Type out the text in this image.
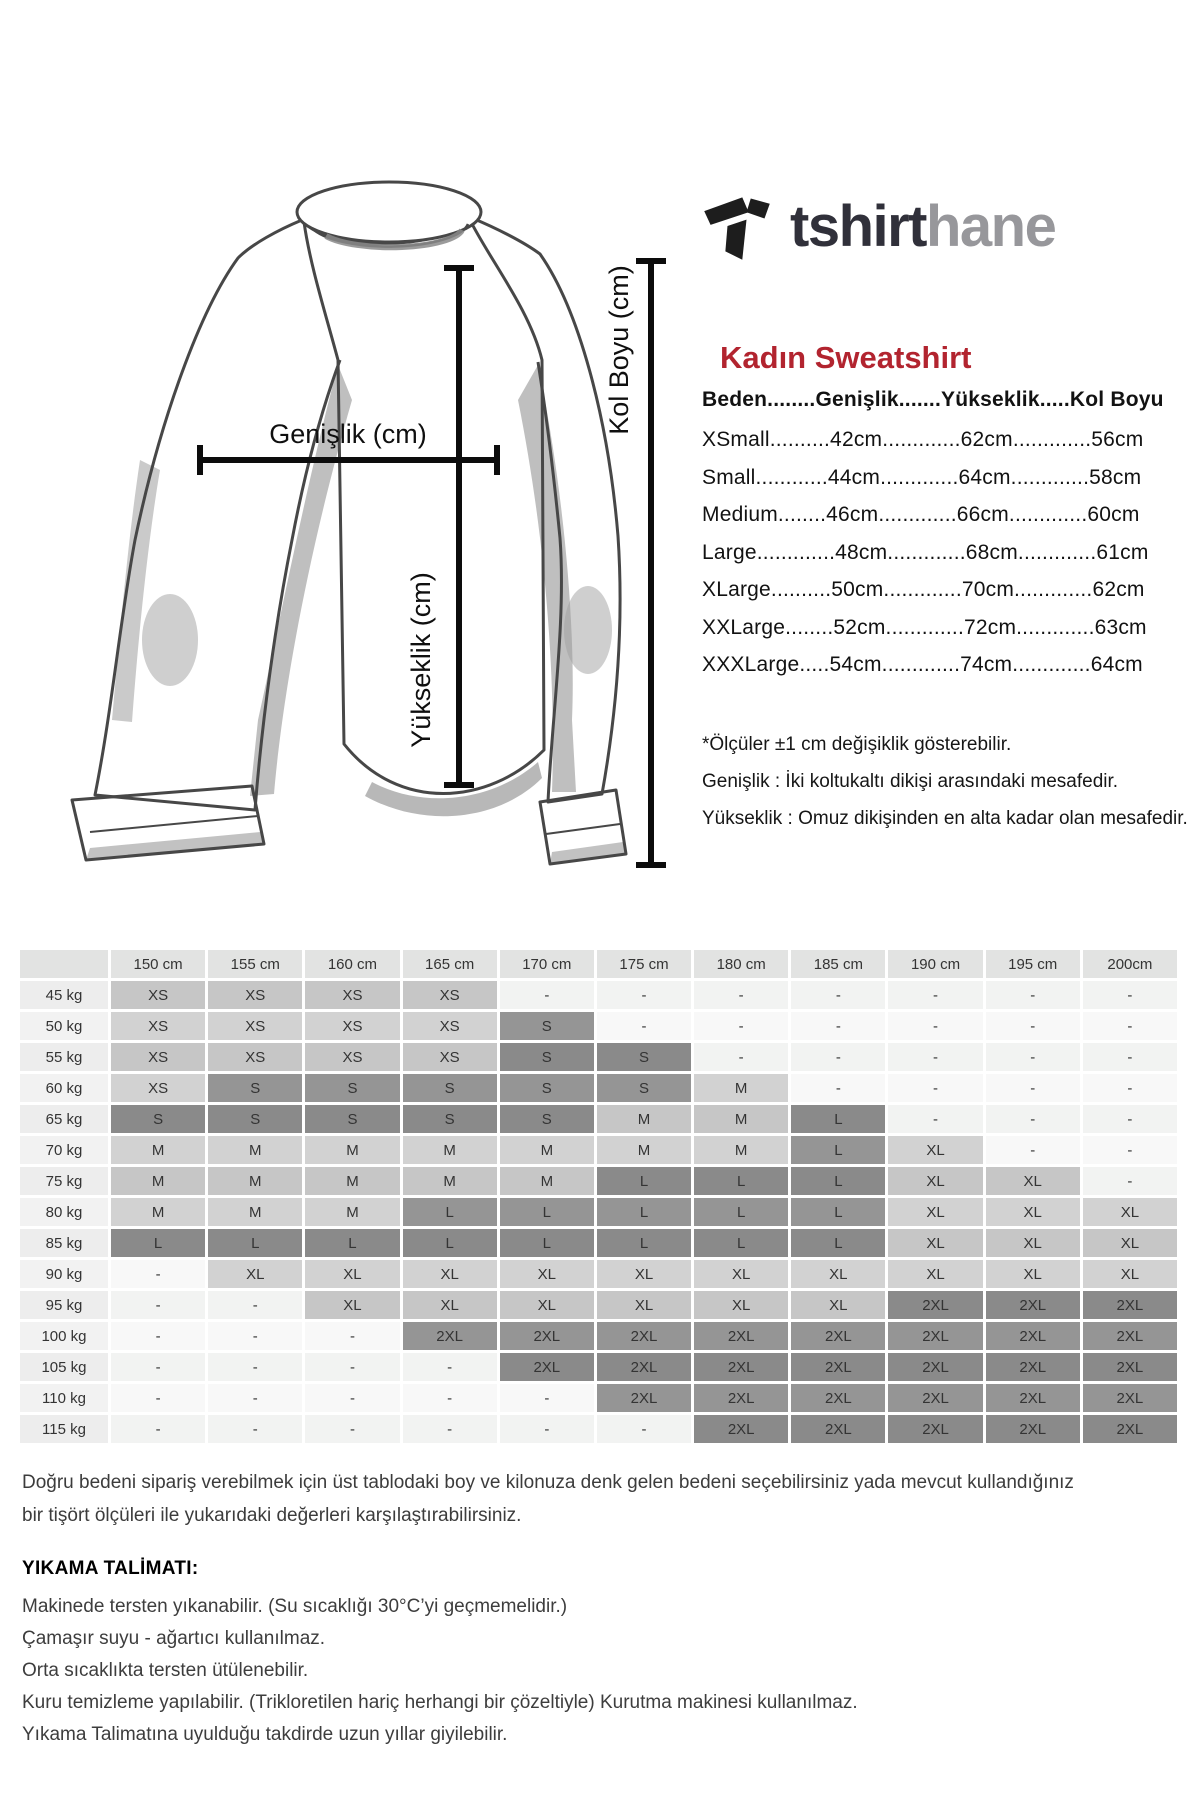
Genişlik (cm)
Yükseklik (cm)
Kol Boyu (cm)
tshirthane
Kadın Sweatshirt
Beden........Genişlik.......Yükseklik.....Kol Boyu
XSmall..........42cm.............62cm.............56cm
Small............44cm.............64cm.............58cm
Medium........46cm.............66cm.............60cm
Large.............48cm.............68cm.............61cm
XLarge..........50cm.............70cm.............62cm
XXLarge........52cm.............72cm.............63cm
XXXLarge.....54cm.............74cm.............64cm
*Ölçüler ±1 cm değişiklik gösterebilir.
Genişlik : İki koltukaltı dikişi arasındaki mesafedir.
Yükseklik : Omuz dikişinden en alta kadar olan mesafedir.
150 cm	155 cm	160 cm	165 cm	170 cm	175 cm	180 cm	185 cm	190 cm	195 cm	200cm
45 kg	XS	XS	XS	XS	-	-	-	-	-	-	-
50 kg	XS	XS	XS	XS	S	-	-	-	-	-	-
55 kg	XS	XS	XS	XS	S	S	-	-	-	-	-
60 kg	XS	S	S	S	S	S	M	-	-	-	-
65 kg	S	S	S	S	S	M	M	L	-	-	-
70 kg	M	M	M	M	M	M	M	L	XL	-	-
75 kg	M	M	M	M	M	L	L	L	XL	XL	-
80 kg	M	M	M	L	L	L	L	L	XL	XL	XL
85 kg	L	L	L	L	L	L	L	L	XL	XL	XL
90 kg	-	XL	XL	XL	XL	XL	XL	XL	XL	XL	XL
95 kg	-	-	XL	XL	XL	XL	XL	XL	2XL	2XL	2XL
100 kg	-	-	-	2XL	2XL	2XL	2XL	2XL	2XL	2XL	2XL
105 kg	-	-	-	-	2XL	2XL	2XL	2XL	2XL	2XL	2XL
110 kg	-	-	-	-	-	2XL	2XL	2XL	2XL	2XL	2XL
115 kg	-	-	-	-	-	-	2XL	2XL	2XL	2XL	2XL
Doğru bedeni sipariş verebilmek için üst tablodaki boy ve kilonuza denk gelen bedeni seçebilirsiniz yada mevcut kullandığınız
bir tişört ölçüleri ile yukarıdaki değerleri karşılaştırabilirsiniz.
YIKAMA TALİMATI:
Makinede tersten yıkanabilir. (Su sıcaklığı 30°C’yi geçmemelidir.)
Çamaşır suyu - ağartıcı kullanılmaz.
Orta sıcaklıkta tersten ütülenebilir.
Kuru temizleme yapılabilir. (Trikloretilen hariç herhangi bir çözeltiyle) Kurutma makinesi kullanılmaz.
Yıkama Talimatına uyulduğu takdirde uzun yıllar giyilebilir.
